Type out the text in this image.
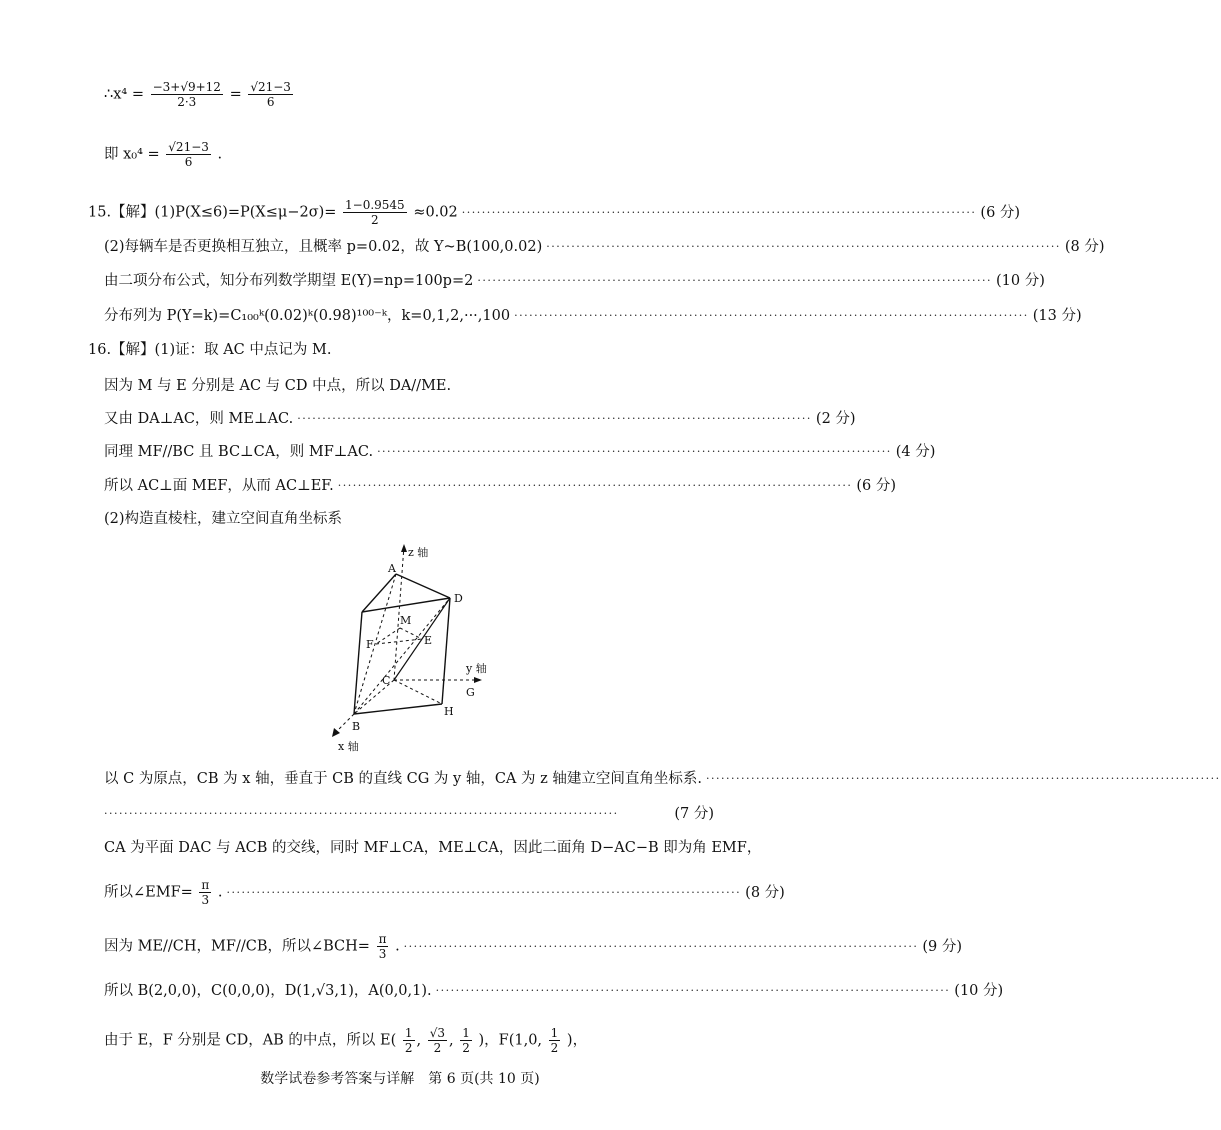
∴x⁴ = $\frac{-3+√9+12}{2\cdot 3} = \frac{√21-3}{6}$
即 $x_0^4 = \frac{√21-3}{6}$ .
15.【解】$(1)P(X\le 6)=P(X\le\mu-2\sigma)= \frac{1-0.9545}{2} \approx 0.02$ ······································································································· (6 分)
(2)每辆车是否更换相互独立，且概率 p=0.02，故 Y~B(100,0.02) ······································································································· (8 分)
由二项分布公式，知分布列数学期望 E(Y)=np=100p=2 ······································································································· (10 分)
分布列为 P(Y=k)=C₁₀₀ᵏ(0.02)ᵏ(0.98)¹⁰⁰⁻ᵏ，k=0,1,2,···,100 ······································································································· (13 分)
16.【解】(1)证：取 AC 中点记为 M.
因为 M 与 E 分别是 AC 与 CD 中点，所以 DA//ME.
又由 DA⊥AC，则 ME⊥AC. ······································································································· (2 分)
同理 MF//BC 且 BC⊥CA，则 MF⊥AC. ······································································································· (4 分)
所以 AC⊥面 MEF，从而 AC⊥EF. ······································································································· (6 分)
(2)构造直棱柱，建立空间直角坐标系
z 轴
y 轴
x 轴
A
D
M
F	E
C
G
B
H
以 C 为原点，CB 为 x 轴，垂直于 CB 的直线 CG 为 y 轴，CA 为 z 轴建立空间直角坐标系. ·······································································································
·······································································································	(7 分)
CA 为平面 DAC 与 ACB 的交线，同时 MF⊥CA，ME⊥CA，因此二面角 D−AC−B 即为角 EMF，
所以∠EMF= $\frac{\pi}{3}$ . ······································································································· (8 分)
因为 ME//CH，MF//CB，所以∠BCH= $\frac{\pi}{3}$ . ······································································································· (9 分)
所以 B(2,0,0)，C(0,0,0)，D(1,√3,1)，A(0,0,1). ······································································································· (10 分)
由于 E，F 分别是 CD，AB 的中点，所以 $E( \frac{1}{2}$ , $\frac{√3}{2}$ , $\frac{1}{2}$ )，F(1,0, $\frac{1}{2}$ )，
数学试卷参考答案与详解　第 6 页(共 10 页)
